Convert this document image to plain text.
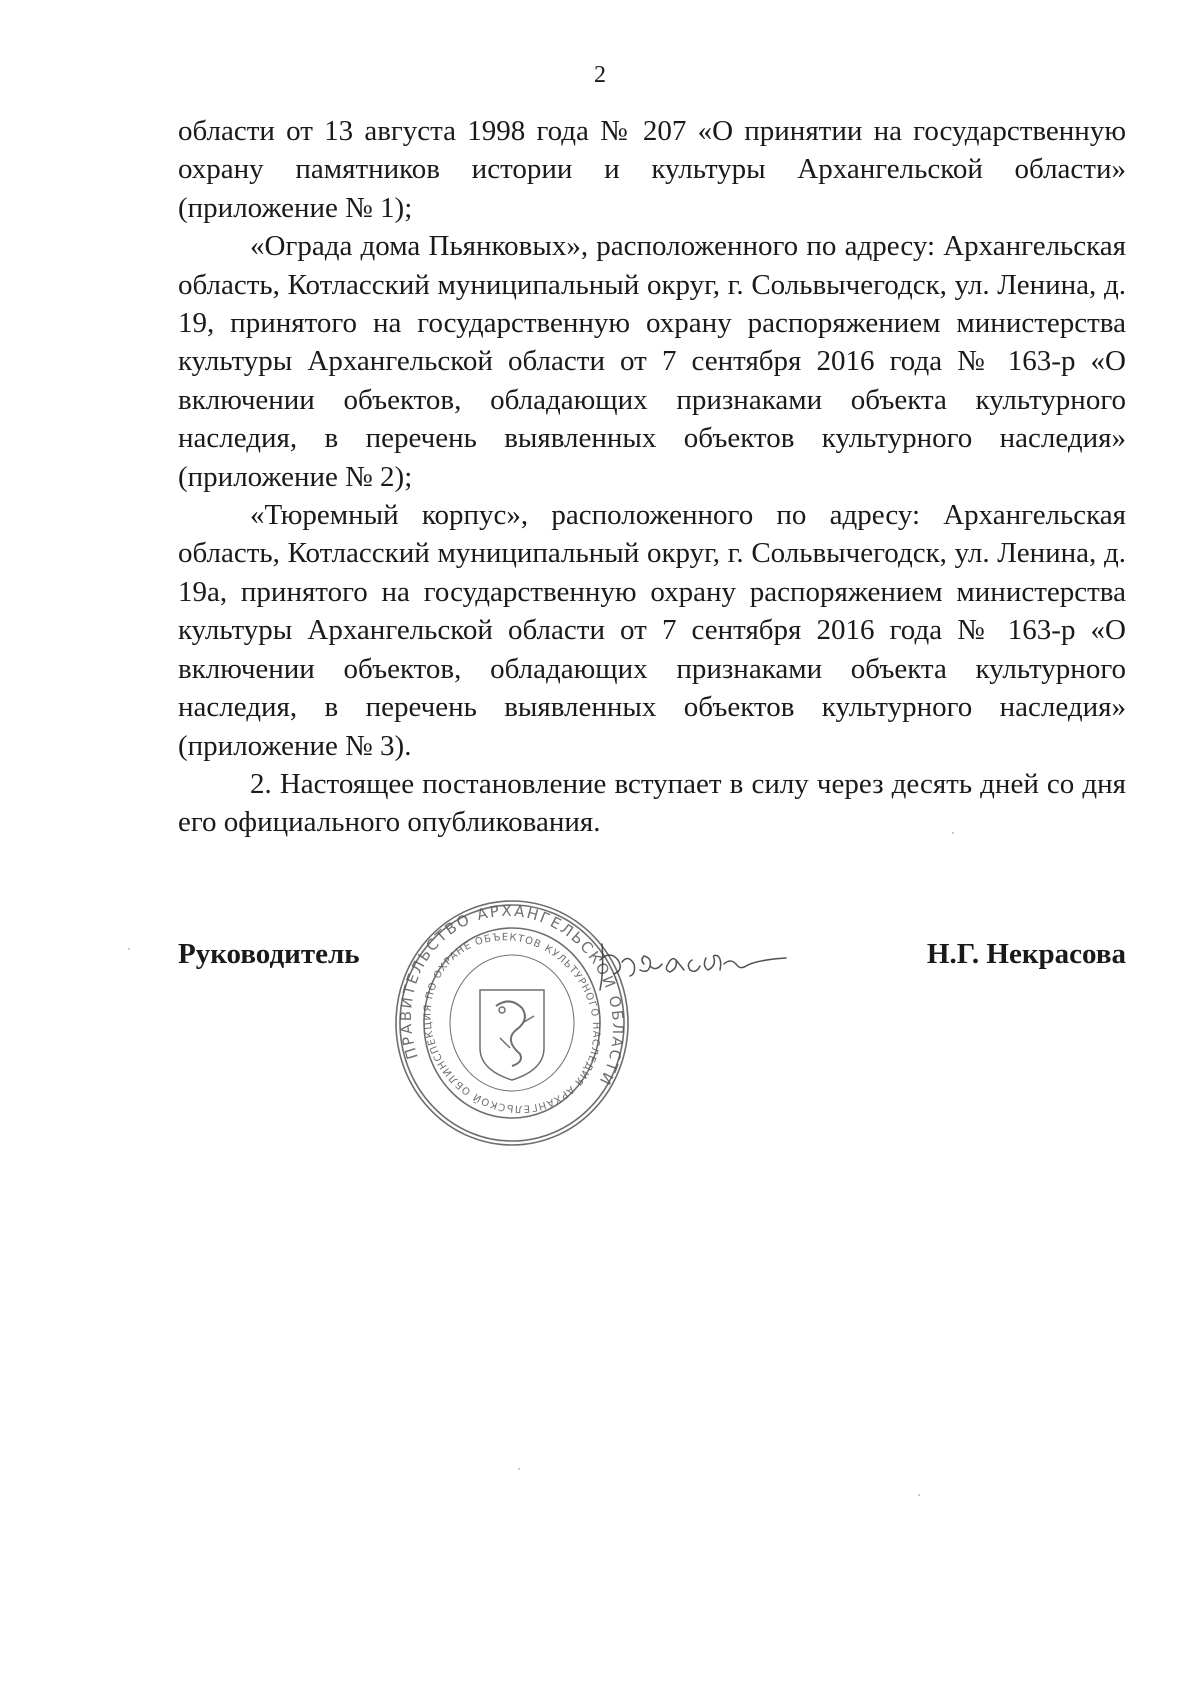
2

области от 13 августа 1998 года № 207 «О принятии на государственную охрану памятников истории и культуры Архангельской области» (приложение № 1);

«Ограда дома Пьянковых», расположенного по адресу: Архангельская область, Котласский муниципальный округ, г. Сольвычегодск, ул. Ленина, д. 19, принятого на государственную охрану распоряжением министерства культуры Архангельской области от 7 сентября 2016 года № 163-р «О включении объектов, обладающих признаками объекта культурного наследия, в перечень выявленных объектов культурного наследия» (приложение № 2);

«Тюремный корпус», расположенного по адресу: Архангельская область, Котласский муниципальный округ, г. Сольвычегодск, ул. Ленина, д. 19а, принятого на государственную охрану распоряжением министерства культуры Архангельской области от 7 сентября 2016 года № 163-р «О включении объектов, обладающих признаками объекта культурного наследия, в перечень выявленных объектов культурного наследия» (приложение № 3).

2. Настоящее постановление вступает в силу через десять дней со дня его официального опубликования.

Руководитель	Н.Г. Некрасова
ПРАВИТЕЛЬСТВО АРХАНГЕЛЬСКОЙ ОБЛАСТИ
ИНСПЕКЦИЯ ПО ОХРАНЕ ОБЪЕКТОВ КУЛЬТУРНОГО НАСЛЕДИЯ АРХАНГЕЛЬСКОЙ ОБЛАСТИ
